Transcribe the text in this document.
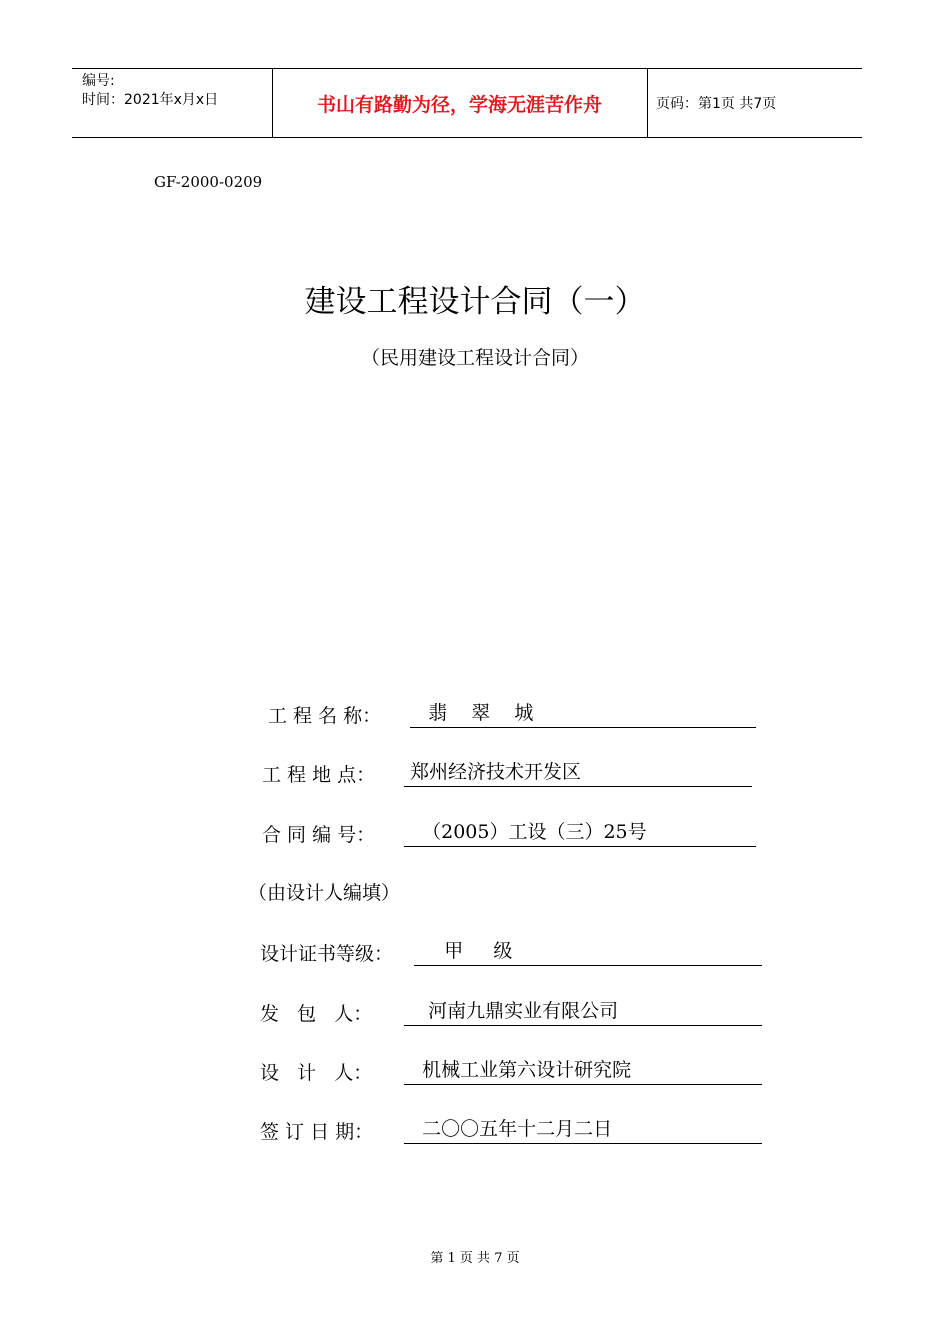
编号:
时间：2021年x月x日	书山有路勤为径，学海无涯苦作舟	页码：第1页 共7页
GF-2000-0209
建设工程设计合同（一）
（民用建设工程设计合同）
工 程 名 称： 翡    翠    城
工 程 地 点： 郑州经济技术开发区
合 同 编 号： （2005）工设（三）25号
（由设计人编填）
设计证书等级： 甲     级
发   包   人： 河南九鼎实业有限公司
设   计   人： 机械工业第六设计研究院
签 订 日 期： 二〇〇五年十二月二日
第 1 页 共 7 页
